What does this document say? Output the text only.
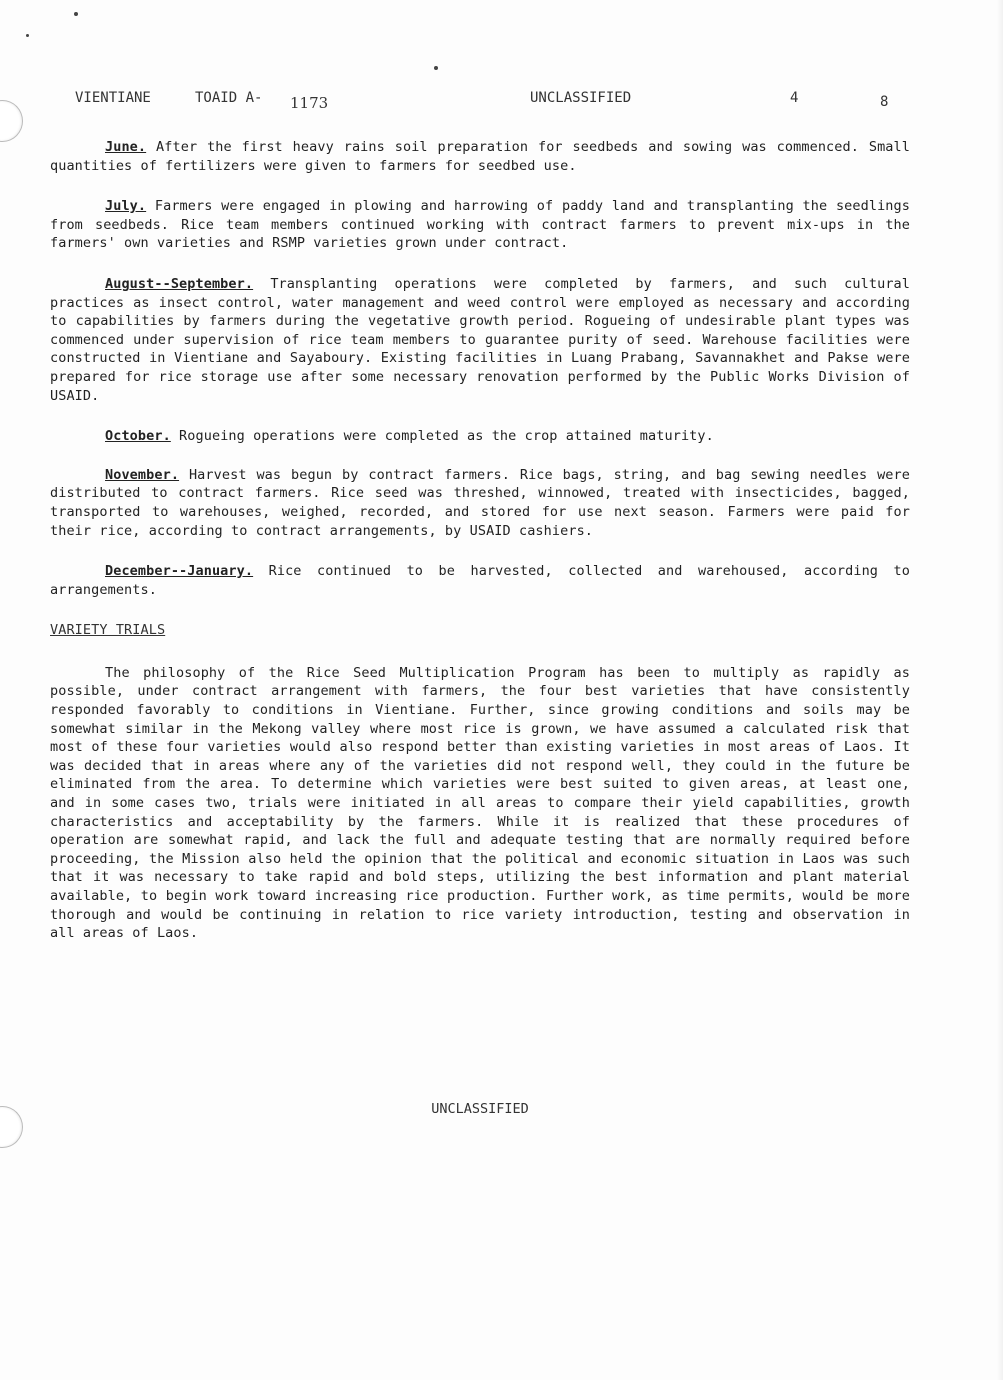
VIENTIANE	TOAID A- 1173	UNCLASSIFIED	4	8

June. After the first heavy rains soil preparation for seedbeds and sowing was commenced. Small quantities of fertilizers were given to farmers for seedbed use.

July. Farmers were engaged in plowing and harrowing of paddy land and transplanting the seedlings from seedbeds. Rice team members continued working with contract farmers to prevent mix-ups in the farmers' own varieties and RSMP varieties grown under contract.

August--September. Transplanting operations were completed by farmers, and such cultural practices as insect control, water management and weed control were employed as necessary and according to capabilities by farmers during the vegetative growth period. Rogueing of undesirable plant types was commenced under supervision of rice team members to guarantee purity of seed. Warehouse facilities were constructed in Vientiane and Sayaboury. Existing facilities in Luang Prabang, Savannakhet and Pakse were prepared for rice storage use after some necessary renovation performed by the Public Works Division of USAID.

October. Rogueing operations were completed as the crop attained maturity.

November. Harvest was begun by contract farmers. Rice bags, string, and bag sewing needles were distributed to contract farmers. Rice seed was threshed, winnowed, treated with insecticides, bagged, transported to warehouses, weighed, recorded, and stored for use next season. Farmers were paid for their rice, according to contract arrangements, by USAID cashiers.

December--January. Rice continued to be harvested, collected and warehoused, according to arrangements.

VARIETY TRIALS

The philosophy of the Rice Seed Multiplication Program has been to multiply as rapidly as possible, under contract arrangement with farmers, the four best varieties that have consistently responded favorably to conditions in Vientiane. Further, since growing conditions and soils may be somewhat similar in the Mekong valley where most rice is grown, we have assumed a calculated risk that most of these four varieties would also respond better than existing varieties in most areas of Laos. It was decided that in areas where any of the varieties did not respond well, they could in the future be eliminated from the area. To determine which varieties were best suited to given areas, at least one, and in some cases two, trials were initiated in all areas to compare their yield capabilities, growth characteristics and acceptability by the farmers. While it is realized that these procedures of operation are somewhat rapid, and lack the full and adequate testing that are normally required before proceeding, the Mission also held the opinion that the political and economic situation in Laos was such that it was necessary to take rapid and bold steps, utilizing the best information and plant material available, to begin work toward increasing rice production. Further work, as time permits, would be more thorough and would be continuing in relation to rice variety introduction, testing and observation in all areas of Laos.

UNCLASSIFIED
